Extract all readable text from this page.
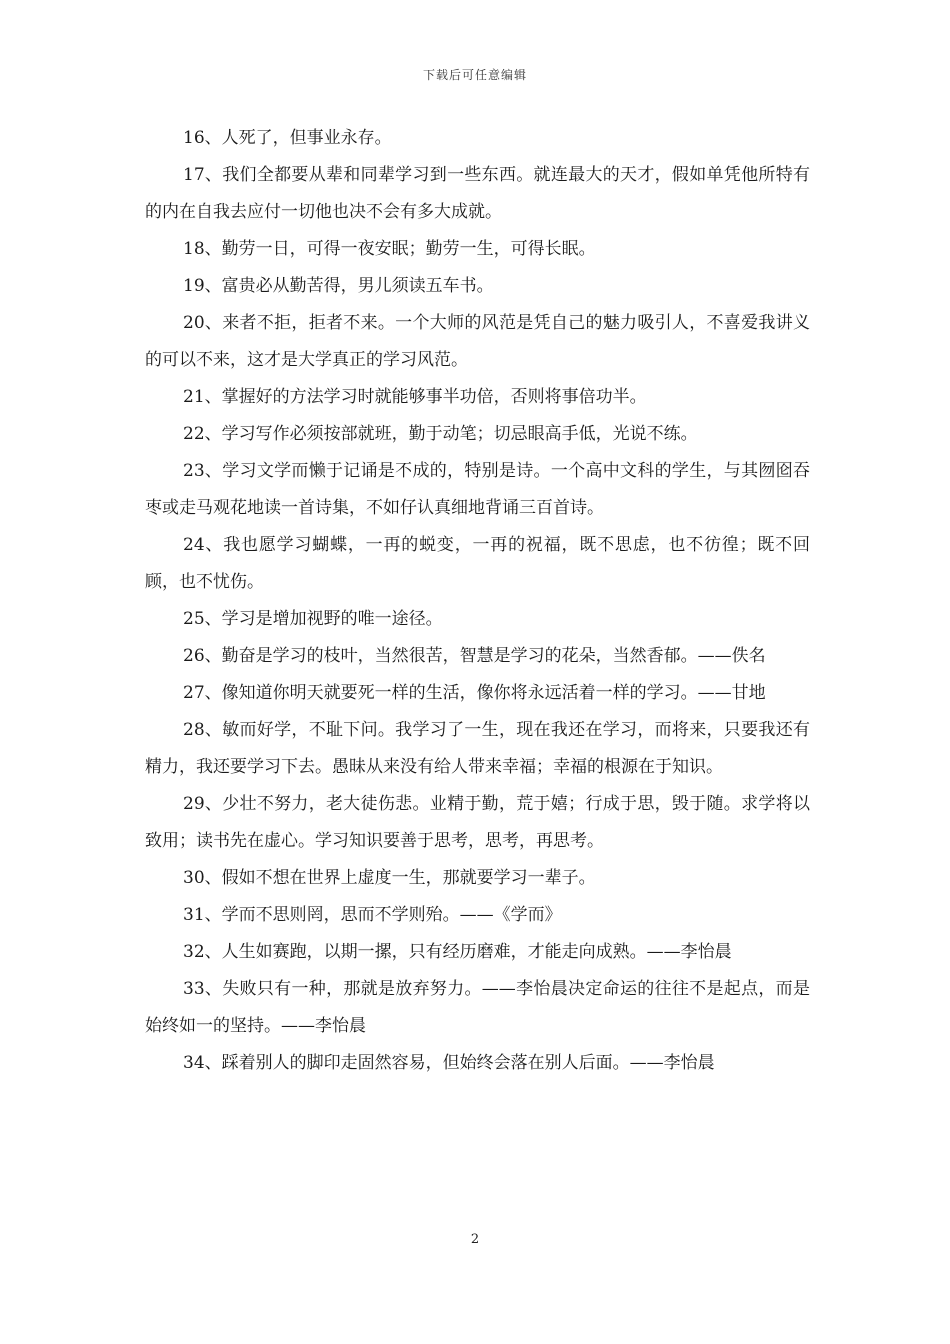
下载后可任意编辑

16、人死了，但事业永存。

17、我们全都要从辈和同辈学习到一些东西。就连最大的天才，假如单凭他所特有的内在自我去应付一切他也决不会有多大成就。

18、勤劳一日，可得一夜安眠；勤劳一生，可得长眠。

19、富贵必从勤苦得，男儿须读五车书。

20、来者不拒，拒者不来。一个大师的风范是凭自己的魅力吸引人，不喜爱我讲义的可以不来，这才是大学真正的学习风范。

21、掌握好的方法学习时就能够事半功倍，否则将事倍功半。

22、学习写作必须按部就班，勤于动笔；切忌眼高手低，光说不练。

23、学习文学而懒于记诵是不成的，特别是诗。一个高中文科的学生，与其囫囵吞枣或走马观花地读一首诗集，不如仔认真细地背诵三百首诗。

24、我也愿学习蝴蝶，一再的蜕变，一再的祝福，既不思虑，也不彷徨；既不回顾，也不忧伤。

25、学习是增加视野的唯一途径。

26、勤奋是学习的枝叶，当然很苦，智慧是学习的花朵，当然香郁。——佚名

27、像知道你明天就要死一样的生活，像你将永远活着一样的学习。——甘地

28、敏而好学，不耻下问。我学习了一生，现在我还在学习，而将来，只要我还有精力，我还要学习下去。愚昧从来没有给人带来幸福；幸福的根源在于知识。

29、少壮不努力，老大徒伤悲。业精于勤，荒于嬉；行成于思，毁于随。求学将以致用；读书先在虚心。学习知识要善于思考，思考，再思考。

30、假如不想在世界上虚度一生，那就要学习一辈子。

31、学而不思则罔，思而不学则殆。——《学而》

32、人生如赛跑，以期一摞，只有经历磨难，才能走向成熟。——李怡晨

33、失败只有一种，那就是放弃努力。——李怡晨决定命运的往往不是起点，而是始终如一的坚持。——李怡晨

34、踩着别人的脚印走固然容易，但始终会落在别人后面。——李怡晨

2
